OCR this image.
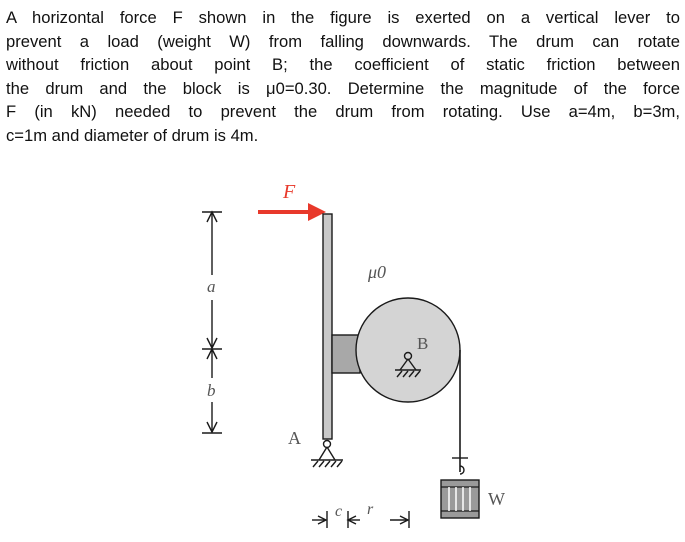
A horizontal force F shown in the figure is exerted on a vertical lever to
prevent a load (weight W) from falling downwards. The drum can rotate
without friction about point B; the coefficient of static friction between
the drum and the block is μ0=0.30. Determine the magnitude of the force
F (in kN) needed to prevent the drum from rotating. Use a=4m, b=3m,
c=1m and diameter of drum is 4m.
F
a
b
A
μ0
B
W
c r
